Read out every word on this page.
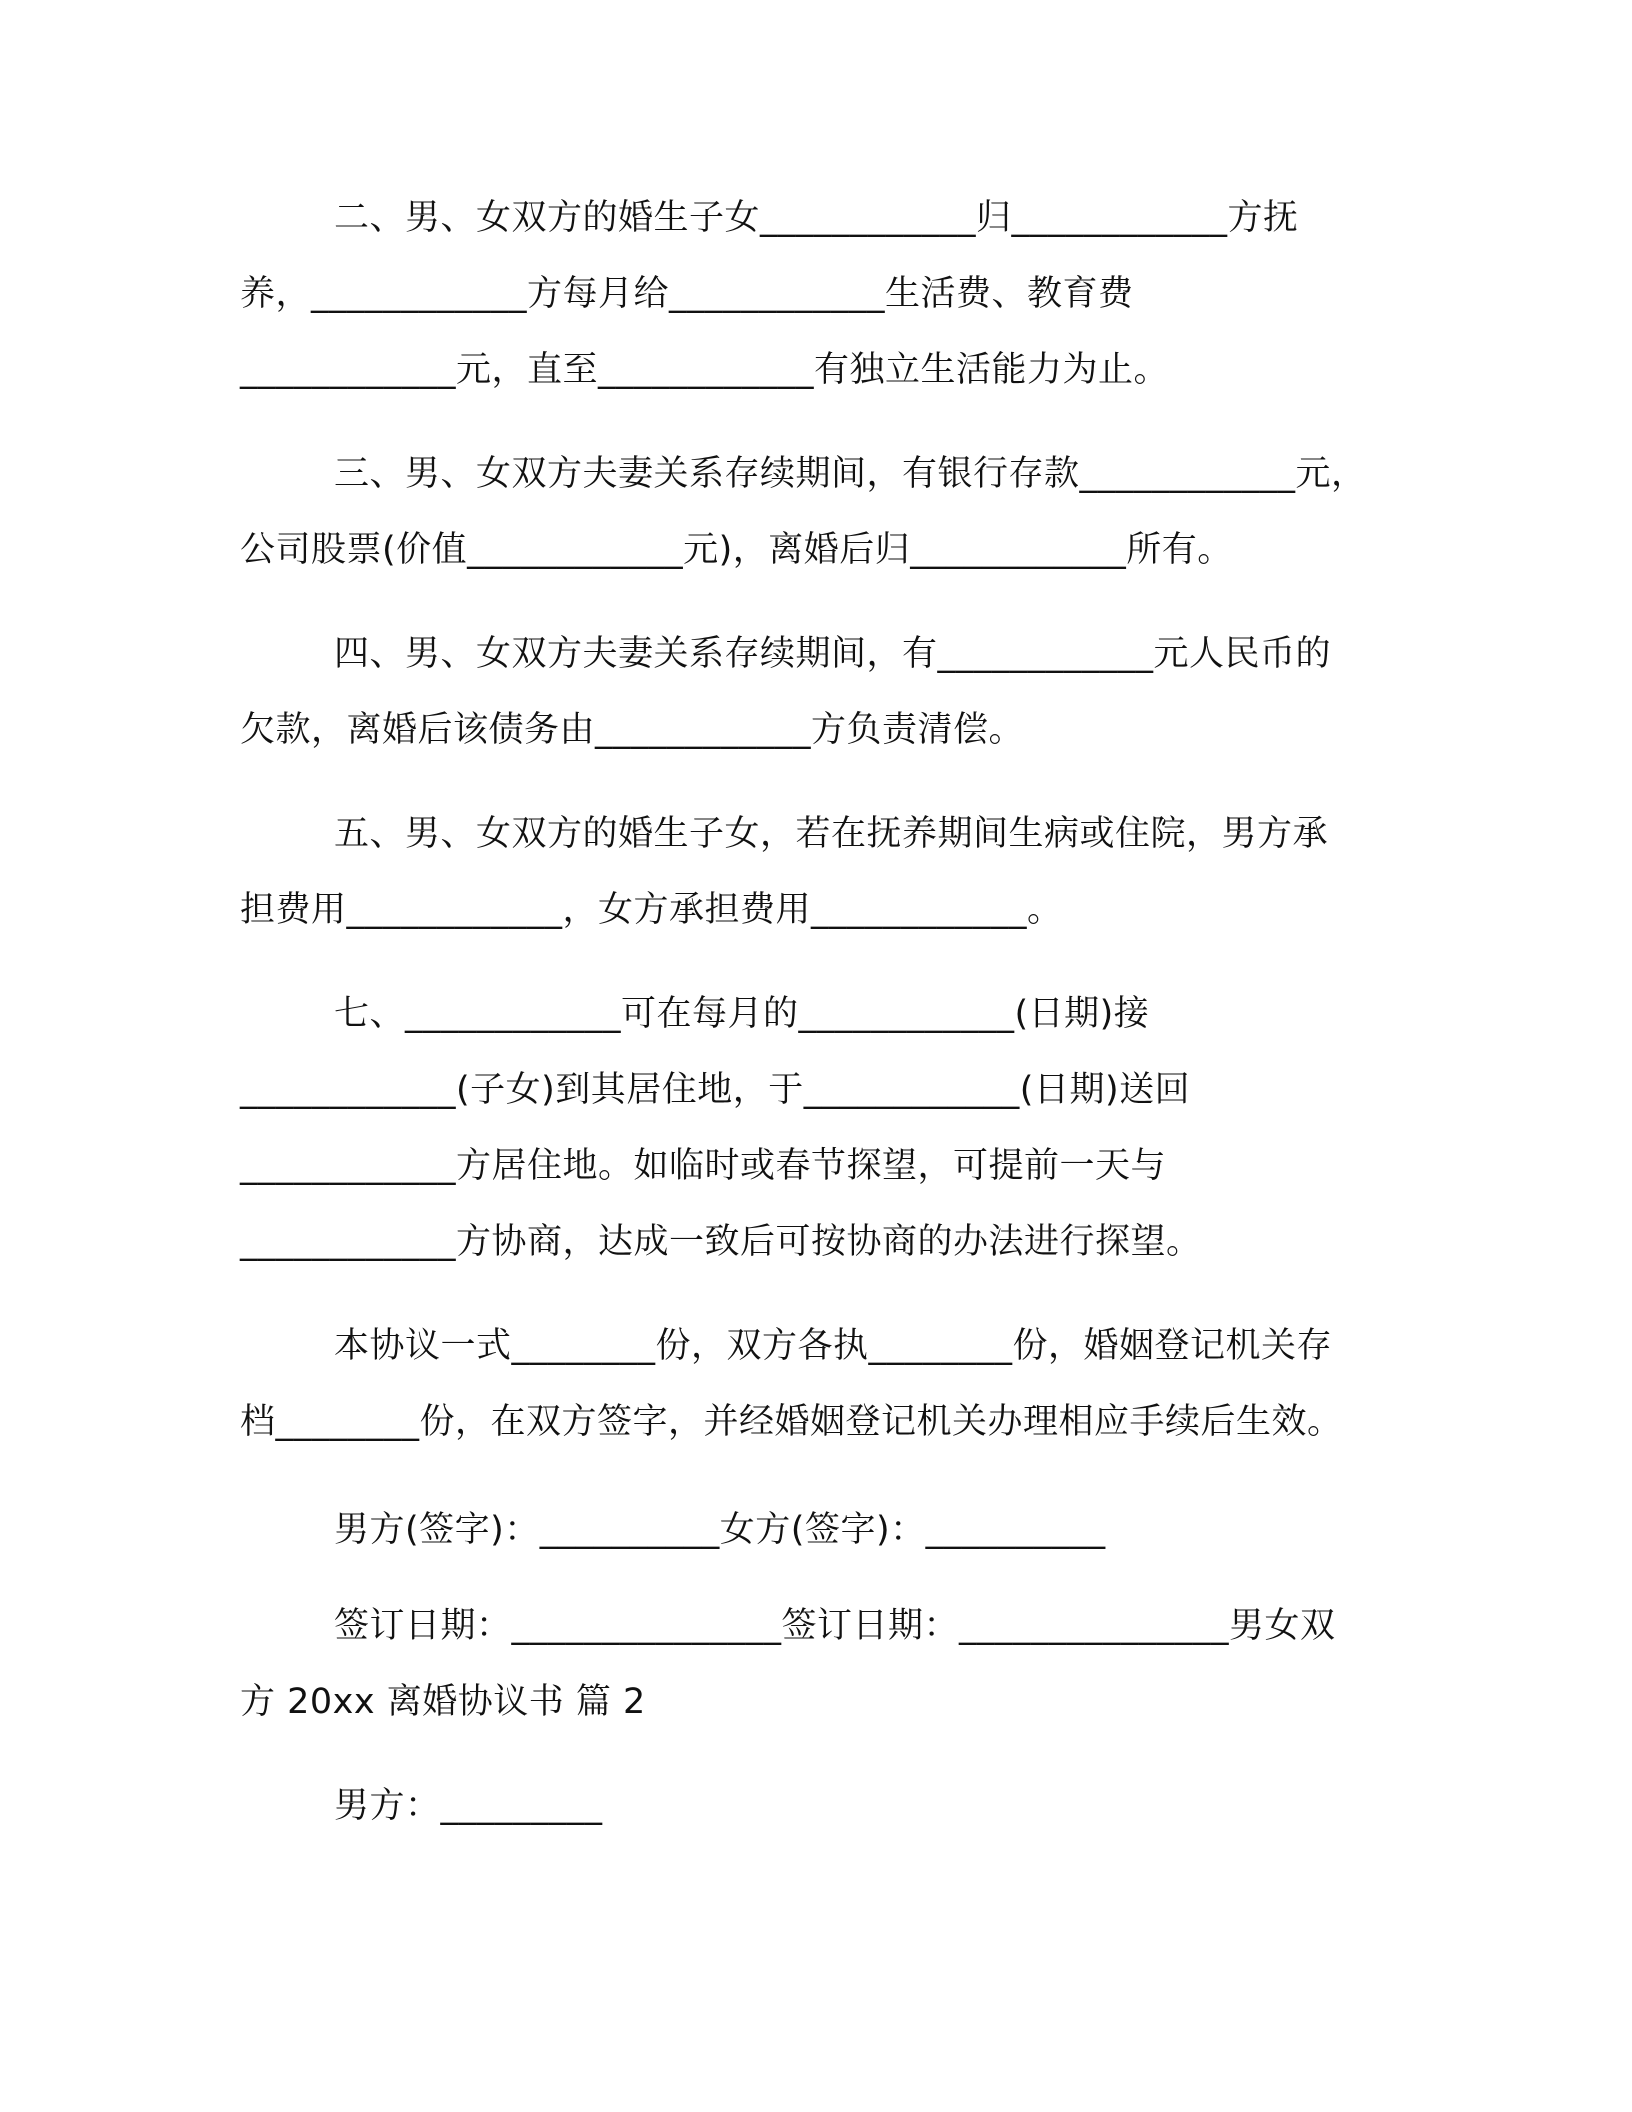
二、男、女双方的婚生子女____________归____________方抚
养，____________方每月给____________生活费、教育费
____________元，直至____________有独立生活能力为止。
三、男、女双方夫妻关系存续期间，有银行存款____________元，
公司股票(价值____________元)，离婚后归____________所有。
四、男、女双方夫妻关系存续期间，有____________元人民币的
欠款，离婚后该债务由____________方负责清偿。
五、男、女双方的婚生子女，若在抚养期间生病或住院，男方承
担费用____________，女方承担费用____________。
七、____________可在每月的____________(日期)接
____________(子女)到其居住地，于____________(日期)送回
____________方居住地。如临时或春节探望，可提前一天与
____________方协商，达成一致后可按协商的办法进行探望。
本协议一式________份，双方各执________份，婚姻登记机关存
档________份，在双方签字，并经婚姻登记机关办理相应手续后生效。
男方(签字)：__________女方(签字)：__________
签订日期：_______________签订日期：_______________男女双
方 20xx 离婚协议书 篇 2
男方：_________
